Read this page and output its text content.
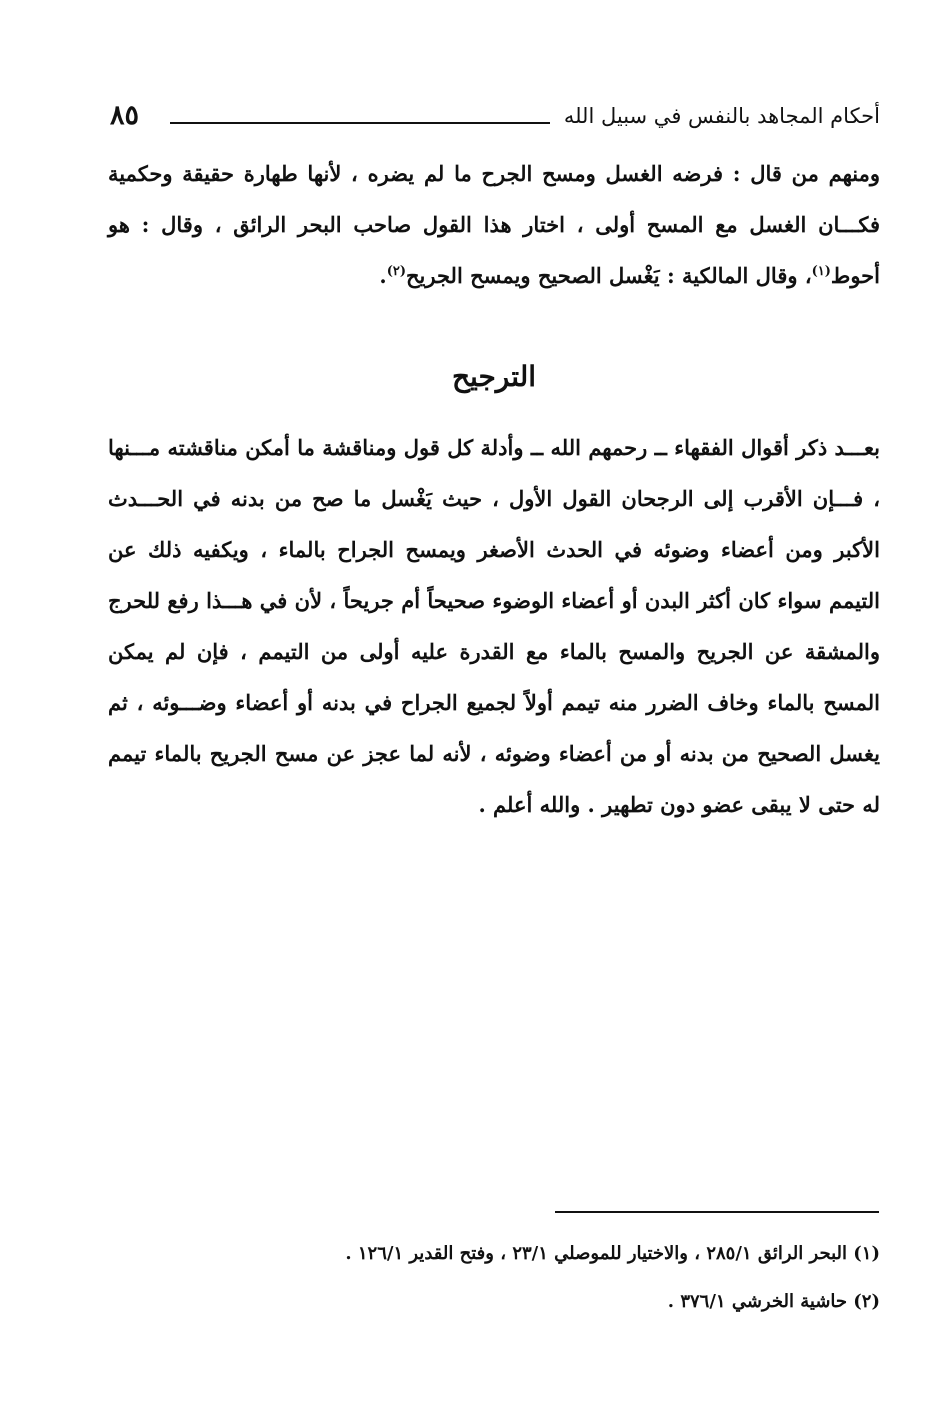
٨٥	أحكام المجاهد بالنفس في سبيل الله

ومنهم من قال : فرضه الغسل ومسح الجرح ما لم يضره ، لأنها طهارة حقيقة وحكمية فكـــان الغسل مع المسح أولى ، اختار هذا القول صاحب البحر الرائق ، وقال : هو أحوط$^{(١)}$، وقال المالكية : يَغْسل الصحيح ويمسح الجريح$^{(٢)}$.

الترجيح

بعـــد ذكر أقوال الفقهاء ــ رحمهم الله ــ وأدلة كل قول ومناقشة ما أمكن مناقشته مـــنها ، فـــإن الأقرب إلى الرجحان القول الأول ، حيث يَغْسل ما صح من بدنه في الحـــدث الأكبر ومن أعضاء وضوئه في الحدث الأصغر ويمسح الجراح بالماء ، ويكفيه ذلك عن التيمم سواء كان أكثر البدن أو أعضاء الوضوء صحيحاً أم جريحاً ، لأن في هـــذا رفع للحرج والمشقة عن الجريح والمسح بالماء مع القدرة عليه أولى من التيمم ، فإن لم يمكن المسح بالماء وخاف الضرر منه تيمم أولاً لجميع الجراح في بدنه أو أعضاء وضـــوئه ، ثم يغسل الصحيح من بدنه أو من أعضاء وضوئه ، لأنه لما عجز عن مسح الجريح بالماء تيمم له حتى لا يبقى عضو دون تطهير . والله أعلم .

(١) البحر الرائق ٢٨٥/١ ، والاختيار للموصلي ٢٣/١ ، وفتح القدير ١٢٦/١ .

(٢) حاشية الخرشي ٣٧٦/١ .
